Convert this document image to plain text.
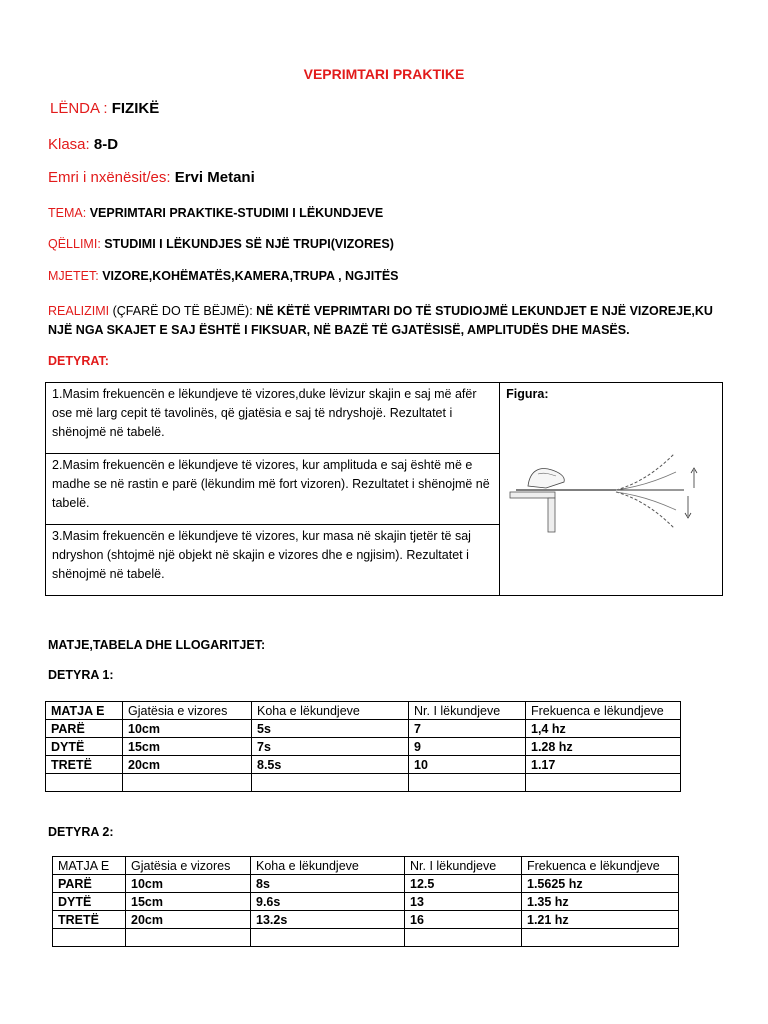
VEPRIMTARI PRAKTIKE
LËNDA : FIZIKË
Klasa: 8-D
Emri i nxënësit/es: Ervi Metani
TEMA: VEPRIMTARI PRAKTIKE-STUDIMI I LËKUNDJEVE
QËLLIMI: STUDIMI I LËKUNDJES SË NJË TRUPI(VIZORES)
MJETET: VIZORE,KOHËMATËS,KAMERA,TRUPA , NGJITËS
REALIZIMI (ÇFARË DO TË BËJMË): NË KËTË VEPRIMTARI DO TË STUDIOJMË LEKUNDJET E NJË VIZOREJE,KU NJË NGA SKAJET E SAJ ËSHTË I FIKSUAR, NË BAZË TË GJATËSISË, AMPLITUDËS DHE MASËS.
DETYRAT:
1.Masim frekuencën e lëkundjeve të vizores,duke lëvizur skajin e saj më afër ose më larg cepit të tavolinës, që gjatësia e saj të ndryshojë. Rezultatet i shënojmë në tabelë.	
Figura:

2.Masim frekuencën e lëkundjeve të vizores, kur amplituda e saj është më e madhe se në rastin e parë (lëkundim më fort vizoren). Rezultatet i shënojmë në tabelë.
3.Masim frekuencën e lëkundjeve të vizores, kur masa në skajin tjetër të saj ndryshon (shtojmë një objekt në skajin e vizores dhe e ngjisim). Rezultatet i shënojmë në tabelë.
MATJE,TABELA DHE LLOGARITJET:
DETYRA 1:
MATJA E	Gjatësia e vizores	Koha e lëkundjeve	Nr. I lëkundjeve	Frekuenca e lëkundjeve
PARË	10cm	5s	7	1,4 hz
DYTË	15cm	7s	9	1.28 hz
TRETË	20cm	8.5s	10	1.17

DETYRA 2:
MATJA E	Gjatësia e vizores	Koha e lëkundjeve	Nr. I lëkundjeve	Frekuenca e lëkundjeve
PARË	10cm	8s	12.5	1.5625 hz
DYTË	15cm	9.6s	13	1.35 hz
TRETË	20cm	13.2s	16	1.21 hz
